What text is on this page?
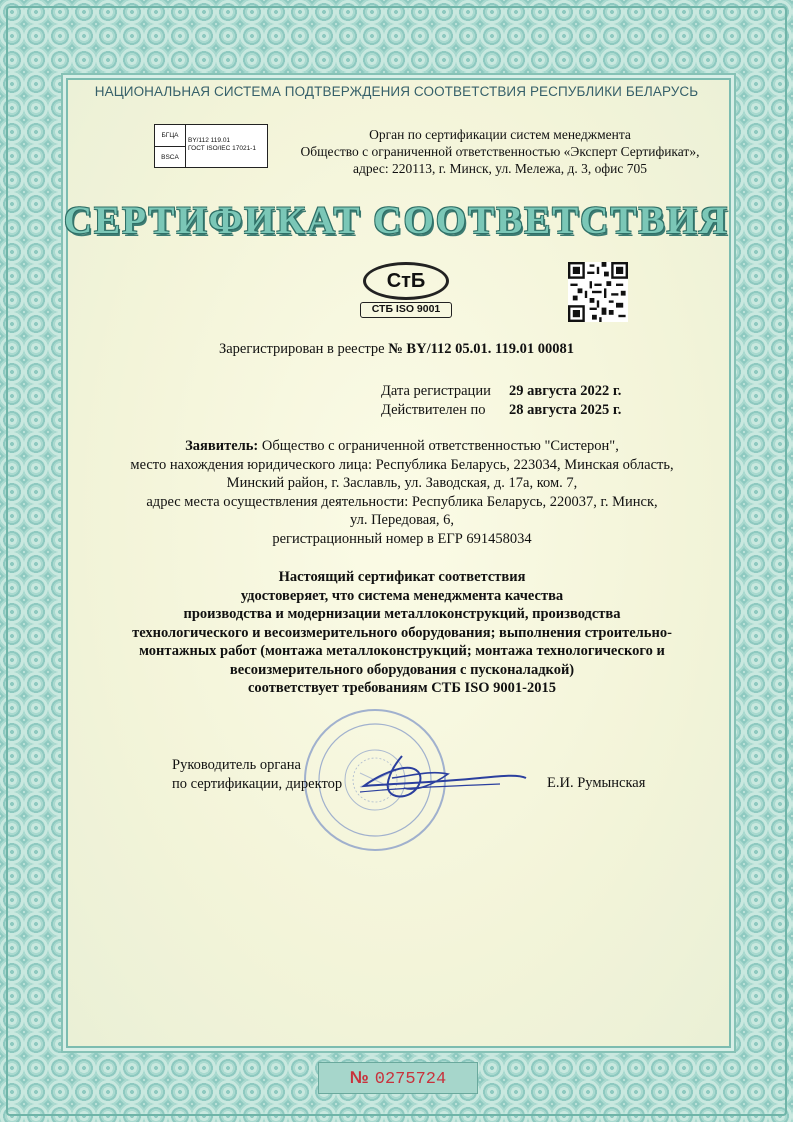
НАЦИОНАЛЬНАЯ СИСТЕМА ПОДТВЕРЖДЕНИЯ СООТВЕТСТВИЯ РЕСПУБЛИКИ БЕЛАРУСЬ
БГЦА
BSCA
BY/112 119.01
ГОСТ ISO/IEC 17021-1
Орган по сертификации систем менеджмента
Общество с ограниченной ответственностью «Эксперт Сертификат»,
адрес: 220113, г. Минск, ул. Мележа, д. 3, офис 705
СЕРТИФИКАТ СООТВЕТСТВИЯ
СтБ
СТБ ISO 9001
Зарегистрирован в реестре № BY/112 05.01. 119.01 00081
Дата регистрации	29 августа 2022 г.
Действителен по	28 августа 2025 г.
Заявитель: Общество с ограниченной ответственностью "Систерон",
место нахождения юридического лица: Республика Беларусь, 223034, Минская область,
Минский район, г. Заславль, ул. Заводская, д. 17а, ком. 7,
адрес места осуществления деятельности: Республика Беларусь, 220037, г. Минск,
ул. Передовая, 6,
регистрационный номер в ЕГР 691458034
Настоящий сертификат соответствия
удостоверяет, что система менеджмента качества
производства и модернизации металлоконструкций, производства
технологического и весоизмерительного оборудования; выполнения строительно-
монтажных работ (монтажа металлоконструкций; монтажа технологического и
весоизмерительного оборудования с пусконаладкой)
соответствует требованиям СТБ ISO 9001-2015
Руководитель органа
по сертификации, директор	Е.И. Румынская
№ 0275724
